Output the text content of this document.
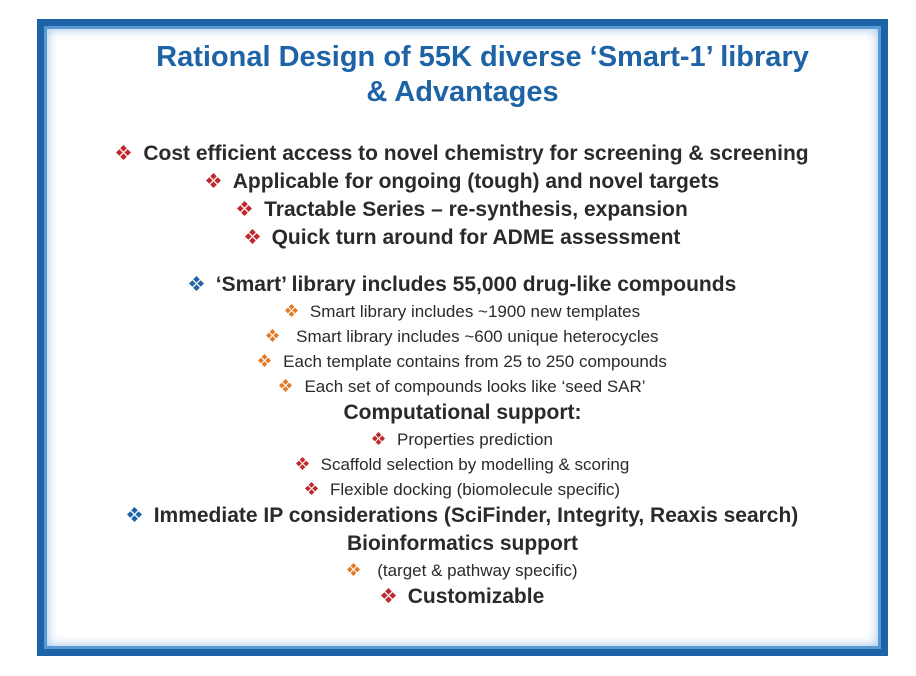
Rational Design of 55K diverse ‘Smart-1’ library
& Advantages
Cost efficient access to novel chemistry for screening & screening
Applicable for ongoing (tough) and novel targets
Tractable Series – re-synthesis, expansion
Quick turn around for ADME assessment
‘Smart’ library includes 55,000 drug-like compounds
Smart library includes ~1900 new templates
Smart library includes ~600 unique heterocycles
Each template contains from 25 to 250 compounds
Each set of compounds looks like ‘seed SAR’
Computational support:
Properties prediction
Scaffold selection by modelling & scoring
Flexible docking (biomolecule specific)
Immediate IP considerations (SciFinder, Integrity, Reaxis search)
Bioinformatics support
(target & pathway specific)
Customizable
